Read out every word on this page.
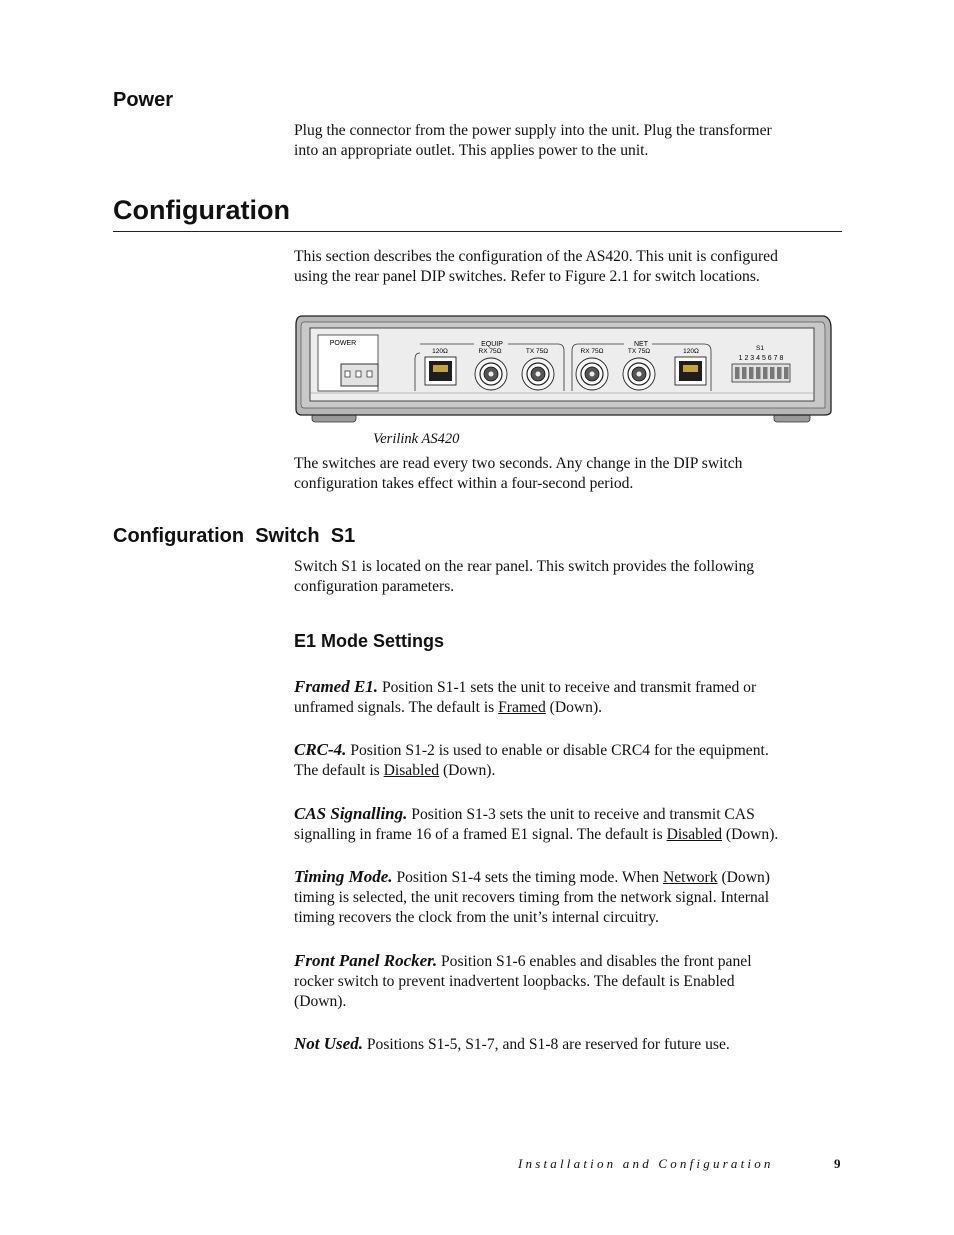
Power

Plug the connector from the power supply into the unit. Plug the transformer
into an appropriate outlet. This applies power to the unit.

Configuration

This section describes the configuration of the AS420. This unit is configured
using the rear panel DIP switches. Refer to Figure 2.1 for switch locations.

POWER	EQUIP	NET
120Ω	RX 75Ω	TX 75Ω	RX 75Ω	TX 75Ω	120Ω	S1
1 2 3 4 5 6 7 8
Verilink AS420

The switches are read every two seconds. Any change in the DIP switch
configuration takes effect within a four-second period.

Configuration  Switch  S1

Switch S1 is located on the rear panel. This switch provides the following
configuration parameters.

E1 Mode Settings

Framed E1. Position S1-1 sets the unit to receive and transmit framed or
unframed signals. The default is Framed (Down).

CRC-4. Position S1-2 is used to enable or disable CRC4 for the equipment.
The default is Disabled (Down).

CAS Signalling. Position S1-3 sets the unit to receive and transmit CAS
signalling in frame 16 of a framed E1 signal. The default is Disabled (Down).

Timing Mode. Position S1-4 sets the timing mode. When Network (Down)
timing is selected, the unit recovers timing from the network signal. Internal
timing recovers the clock from the unit’s internal circuitry.

Front Panel Rocker. Position S1-6 enables and disables the front panel
rocker switch to prevent inadvertent loopbacks. The default is Enabled
(Down).

Not Used. Positions S1-5, S1-7, and S1-8 are reserved for future use.

Installation and Configuration	9
